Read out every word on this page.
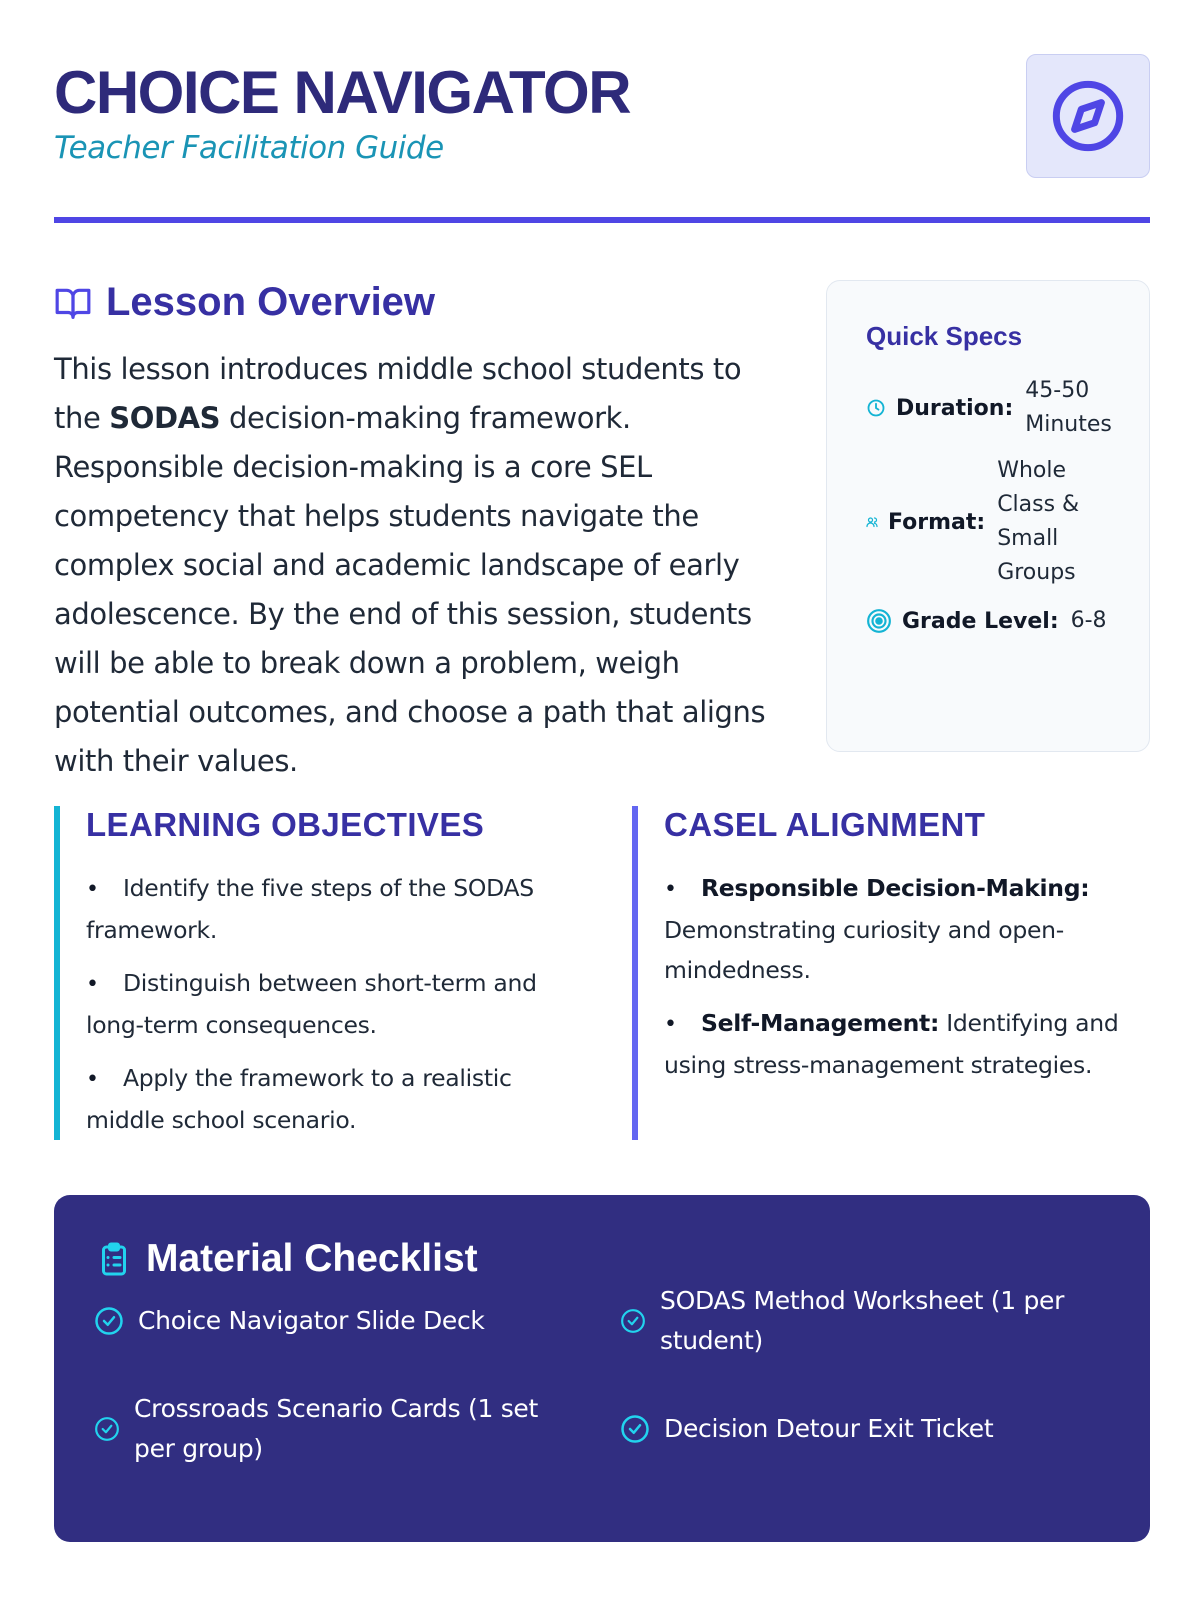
CHOICE NAVIGATOR
Teacher Facilitation Guide
Lesson Overview

This lesson introduces middle school students to the SODAS decision-making framework. Responsible decision-making is a core SEL competency that helps students navigate the complex social and academic landscape of early adolescence. By the end of this session, students will be able to break down a problem, weigh potential outcomes, and choose a path that aligns with their values.

Quick Specs
Duration:
45-50 Minutes
Format:
Whole Class & Small Groups
Grade Level: 6-8
LEARNING OBJECTIVES
• Identify the five steps of the SODAS framework.
• Distinguish between short-term and long-term consequences.
• Apply the framework to a realistic middle school scenario.
CASEL ALIGNMENT
• Responsible Decision-Making: Demonstrating curiosity and open-mindedness.
• Self-Management: Identifying and using stress-management strategies.
Material Checklist
Choice Navigator Slide Deck
SODAS Method Worksheet (1 per student)
Crossroads Scenario Cards (1 set per group)
Decision Detour Exit Ticket
